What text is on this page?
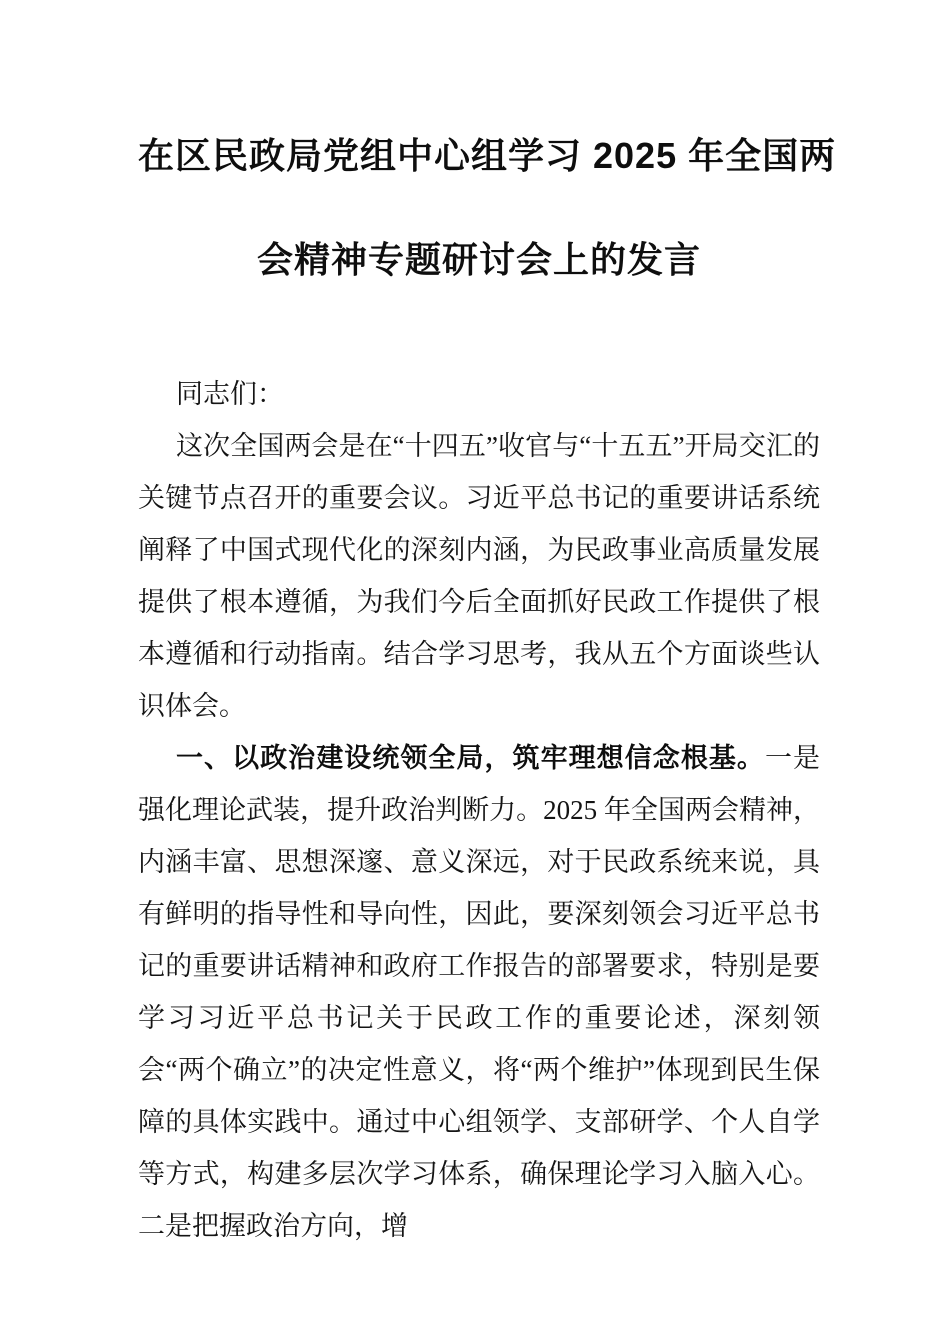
在区民政局党组中心组学习 2025 年全国两
会精神专题研讨会上的发言

同志们：

这次全国两会是在“十四五”收官与“十五五”开局交汇的关键节点召开的重要会议。习近平总书记的重要讲话系统阐释了中国式现代化的深刻内涵，为民政事业高质量发展提供了根本遵循，为我们今后全面抓好民政工作提供了根本遵循和行动指南。结合学习思考，我从五个方面谈些认识体会。

一、以政治建设统领全局，筑牢理想信念根基。一是强化理论武装，提升政治判断力。2025 年全国两会精神，内涵丰富、思想深邃、意义深远，对于民政系统来说，具有鲜明的指导性和导向性，因此，要深刻领会习近平总书记的重要讲话精神和政府工作报告的部署要求，特别是要学习习近平总书记关于民政工作的重要论述，深刻领会“两个确立”的决定性意义，将“两个维护”体现到民生保障的具体实践中。通过中心组领学、支部研学、个人自学等方式，构建多层次学习体系，确保理论学习入脑入心。二是把握政治方向，增
